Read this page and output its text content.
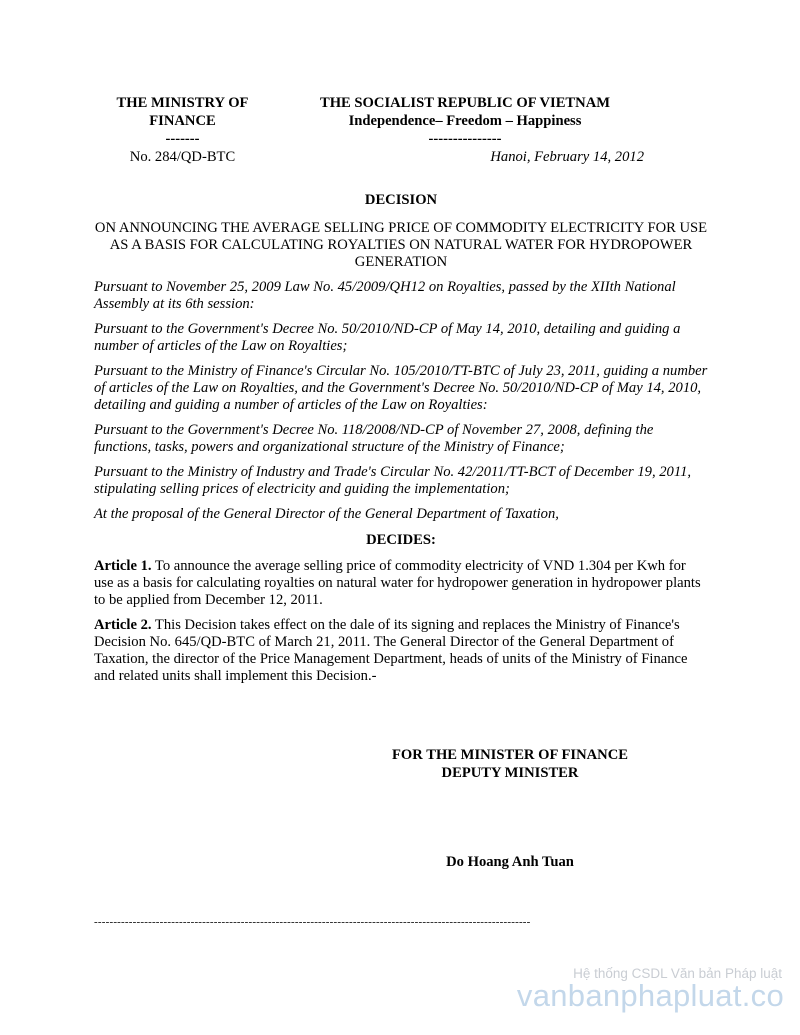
THE MINISTRY OF
FINANCE
-------
No. 284/QD-BTC
THE SOCIALIST REPUBLIC OF VIETNAM
Independence– Freedom – Happiness
---------------
Hanoi, February 14, 2012
DECISION
ON ANNOUNCING THE AVERAGE SELLING PRICE OF COMMODITY ELECTRICITY FOR USE AS A BASIS FOR CALCULATING ROYALTIES ON NATURAL WATER FOR HYDROPOWER GENERATION
Pursuant to November 25, 2009 Law No. 45/2009/QH12 on Royalties, passed by the XIIth National Assembly at its 6th session:
Pursuant to the Government's Decree No. 50/2010/ND-CP of May 14, 2010, detailing and guiding a number of articles of the Law on Royalties;
Pursuant to the Ministry of Finance's Circular No. 105/2010/TT-BTC of July 23, 2011, guiding a number of articles of the Law on Royalties, and the Government's Decree No. 50/2010/ND-CP of May 14, 2010, detailing and guiding a number of articles of the Law on Royalties:
Pursuant to the Government's Decree No. 118/2008/ND-CP of November 27, 2008, defining the functions, tasks, powers and organizational structure of the Ministry of Finance;
Pursuant to the Ministry of Industry and Trade's Circular No. 42/2011/TT-BCT of December 19, 2011, stipulating selling prices of electricity and guiding the implementation;
At the proposal of the General Director of the General Department of Taxation,
DECIDES:
Article 1. To announce the average selling price of commodity electricity of VND 1.304 per Kwh for use as a basis for calculating royalties on natural water for hydropower generation in hydropower plants to be applied from December 12, 2011.
Article 2. This Decision takes effect on the dale of its signing and replaces the Ministry of Finance's Decision No. 645/QD-BTC of March 21, 2011. The General Director of the General Department of Taxation, the director of the Price Management Department, heads of units of the Ministry of Finance and related units shall implement this Decision.-
FOR THE MINISTER OF FINANCE
DEPUTY MINISTER
Do Hoang Anh Tuan
-----------------------------------------------------------------------------------------------------------------
Hệ thống CSDL Văn bản Pháp luật
vanbanphapluat.co
